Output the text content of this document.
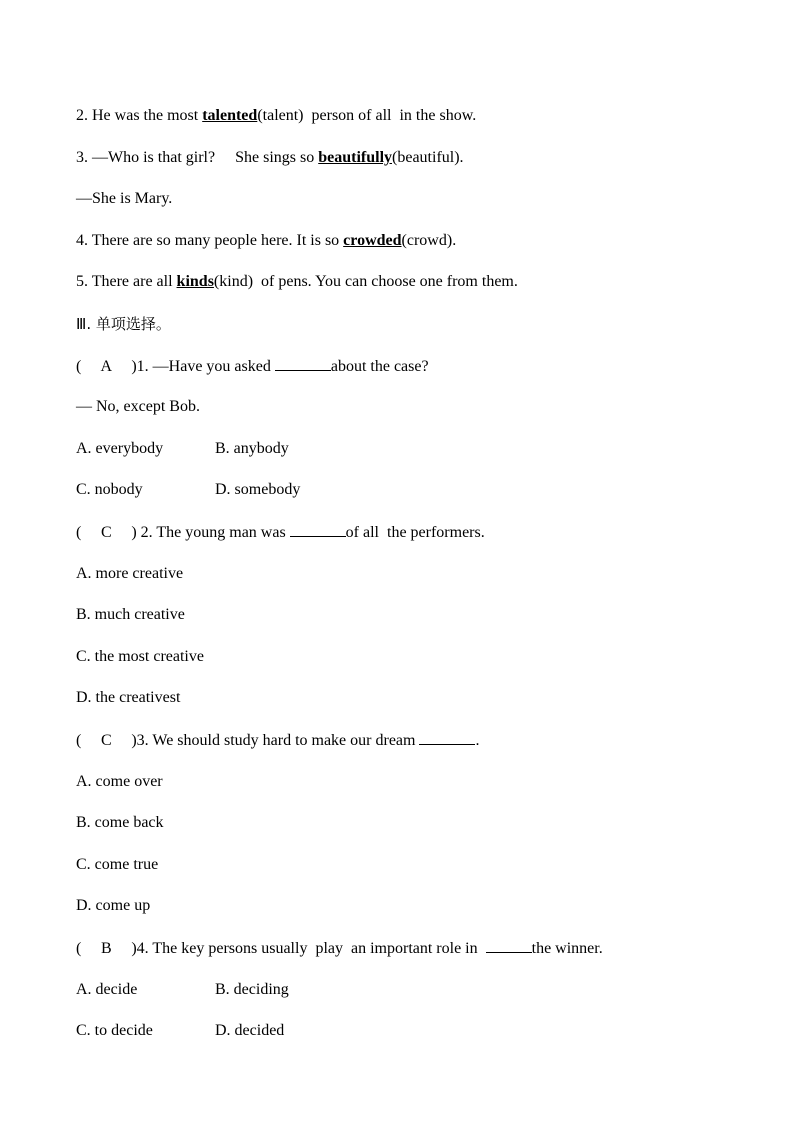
2. He was the most talented(talent)  person of all  in the show.
3. —Who is that girl?     She sings so beautifully(beautiful).
—She is Mary.
4. There are so many people here. It is so crowded(crowd).
5. There are all kinds(kind)  of pens. You can choose one from them.
Ⅲ. 单项选择。
( A )1. —Have you asked	about the case?
— No, except Bob.
A. everybody	B. anybody
C. nobody	D. somebody
( C ) 2. The young man was	of all  the performers.
A. more creative
B. much creative
C. the most creative
D. the creativest
( C )3. We should study hard to make our dream	.
A. come over
B. come back
C. come true
D. come up
( B )4. The key persons usually  play  an important role in	the winner.
A. decide	B. deciding
C. to decide	D. decided
